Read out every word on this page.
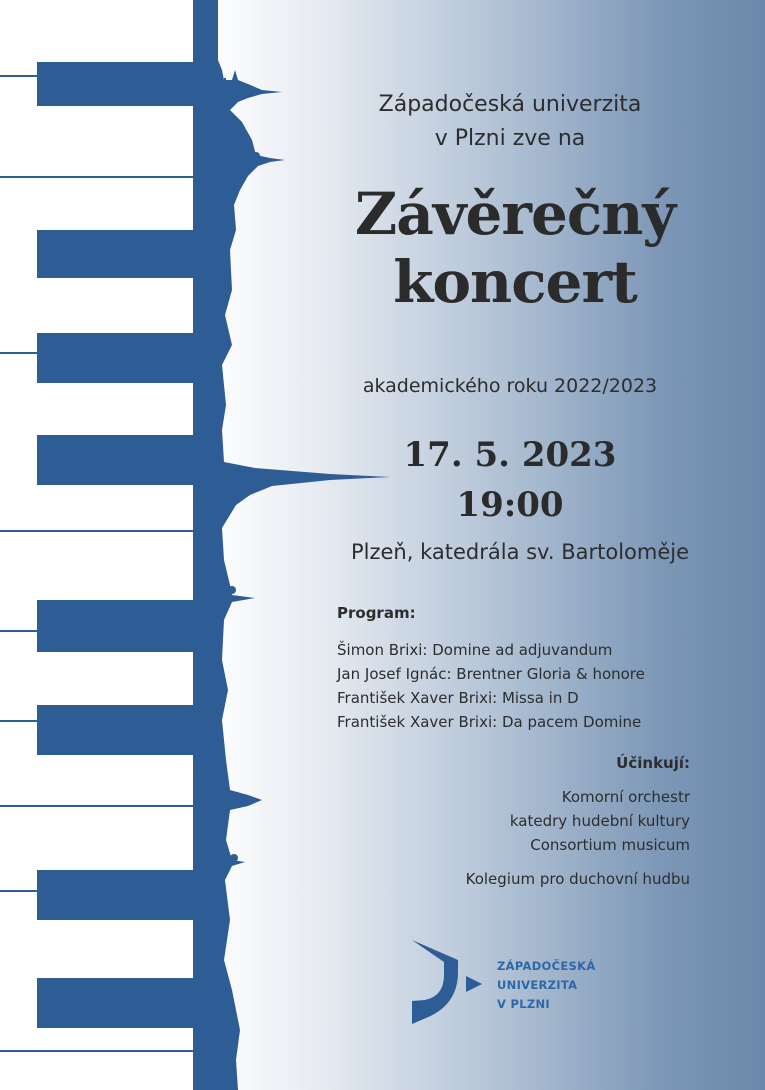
Západočeská univerzita
v Plzni zve na
Závěrečný
koncert
akademického roku 2022/2023
17. 5. 2023
19:00
Plzeň, katedrála sv. Bartoloměje
Program:
Šimon Brixi: Domine ad adjuvandum
Jan Josef Ignác: Brentner Gloria & honore
František Xaver Brixi: Missa in D
František Xaver Brixi: Da pacem Domine
Účinkují:
Komorní orchestr
katedry hudební kultury
Consortium musicum
Kolegium pro duchovní hudbu
ZÁPADOČESKÁ
UNIVERZITA
V PLZNI
